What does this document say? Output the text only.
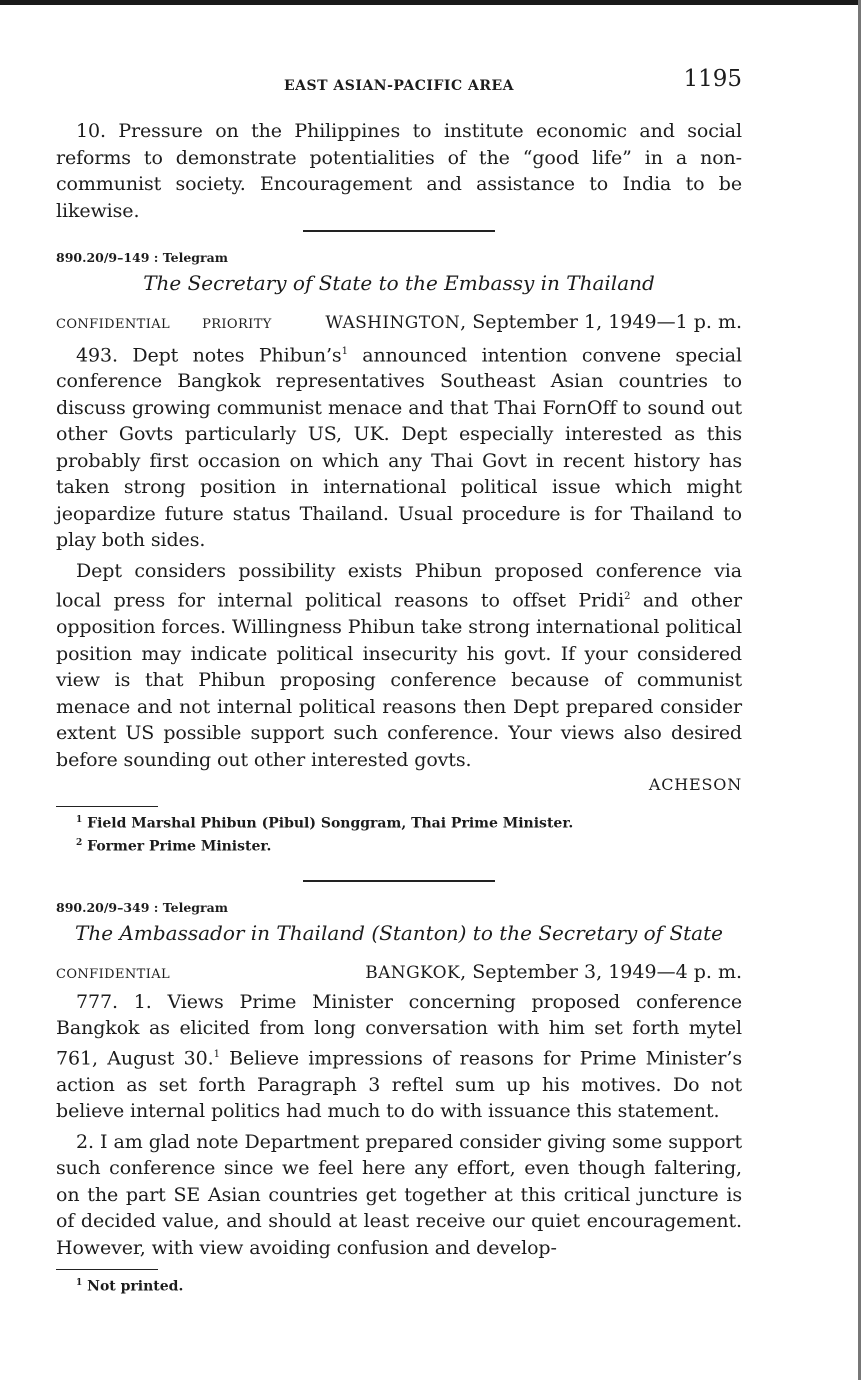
EAST ASIAN-PACIFIC AREA	1195

10. Pressure on the Philippines to institute economic and social reforms to demonstrate potentialities of the “good life” in a non-communist society. Encouragement and assistance to India to be likewise.

890.20/9–149 : Telegram
The Secretary of State to the Embassy in Thailand
CONFIDENTIAL PRIORITY	WASHINGTON, September 1, 1949—1 p. m.

493. Dept notes $Phibun’s^1$ announced intention convene special conference Bangkok representatives Southeast Asian countries to discuss growing communist menace and that Thai FornOff to sound out other Govts particularly US, UK. Dept especially interested as this probably first occasion on which any Thai Govt in recent history has taken strong position in international political issue which might jeopardize future status Thailand. Usual procedure is for Thailand to play both sides.

Dept considers possibility exists Phibun proposed conference via local press for internal political reasons to offset Pridi$^2$ and other opposition forces. Willingness Phibun take strong international political position may indicate political insecurity his govt. If your considered view is that Phibun proposing conference because of communist menace and not internal political reasons then Dept prepared consider extent US possible support such conference. Your views also desired before sounding out other interested govts.

ACHESON
$^1$ Field Marshal Phibun (Pibul) Songgram, Thai Prime Minister.
$^2$ Former Prime Minister.
890.20/9–349 : Telegram
The Ambassador in Thailand (Stanton) to the Secretary of State
CONFIDENTIAL	BANGKOK, September 3, 1949—4 p. m.

777. 1. Views Prime Minister concerning proposed conference Bangkok as elicited from long conversation with him set forth mytel 761, August 30.$^1$ Believe impressions of reasons for Prime Minister’s action as set forth Paragraph 3 reftel sum up his motives. Do not believe internal politics had much to do with issuance this statement.

2. I am glad note Department prepared consider giving some support such conference since we feel here any effort, even though faltering, on the part SE Asian countries get together at this critical juncture is of decided value, and should at least receive our quiet encouragement. However, with view avoiding confusion and develop-

$^1$ Not printed.
